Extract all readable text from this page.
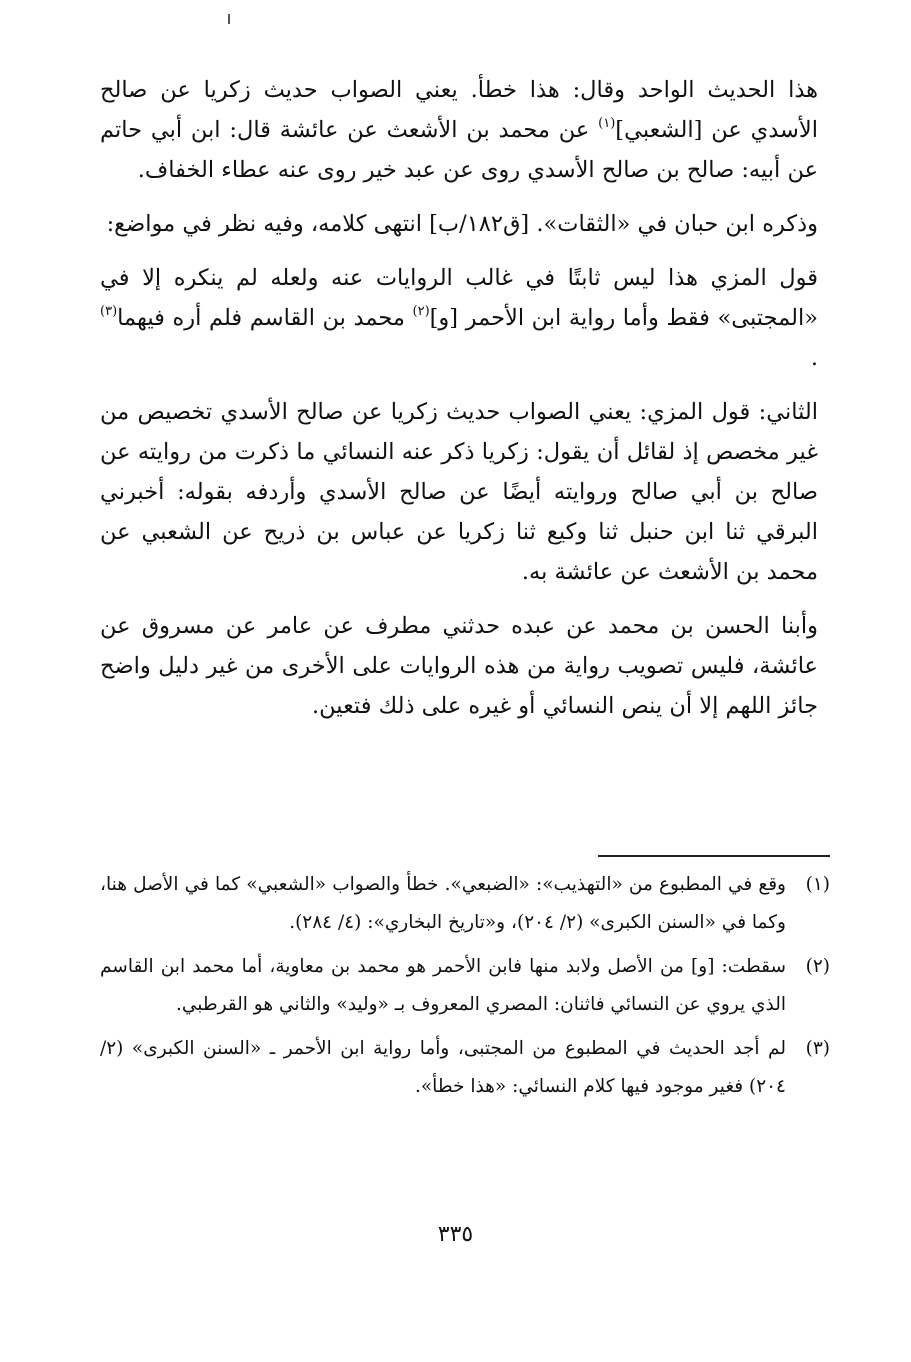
هذا الحديث الواحد وقال: هذا خطأ. يعني الصواب حديث زكريا عن صالح الأسدي عن [الشعبي]$^{(١)}$ عن محمد بن الأشعث عن عائشة قال: ابن أبي حاتم عن أبيه: صالح بن صالح الأسدي روى عن عبد خير روى عنه عطاء الخفاف.

وذكره ابن حبان في «الثقات». [ق١٨٢/ب] انتهى كلامه، وفيه نظر في مواضع:

قول المزي هذا ليس ثابتًا في غالب الروايات عنه ولعله لم ينكره إلا في «المجتبى» فقط وأما رواية ابن الأحمر [و]$^{(٢)}$ محمد بن القاسم فلم أره فيهما$^{(٣)}$ .

الثاني: قول المزي: يعني الصواب حديث زكريا عن صالح الأسدي تخصيص من غير مخصص إذ لقائل أن يقول: زكريا ذكر عنه النسائي ما ذكرت من روايته عن صالح بن أبي صالح وروايته أيضًا عن صالح الأسدي وأردفه بقوله: أخبرني البرقي ثنا ابن حنبل ثنا وكيع ثنا زكريا عن عباس بن ذريح عن الشعبي عن محمد بن الأشعث عن عائشة به.

وأبنا الحسن بن محمد عن عبده حدثني مطرف عن عامر عن مسروق عن عائشة، فليس تصويب رواية من هذه الروايات على الأخرى من غير دليل واضح جائز اللهم إلا أن ينص النسائي أو غيره على ذلك فتعين.

(١)
وقع في المطبوع من «التهذيب»: «الضبعي». خطأ والصواب «الشعبي» كما في الأصل هنا، وكما في «السنن الكبرى» (٢/ ٢٠٤)، و«تاريخ البخاري»: (٤/ ٢٨٤).
(٢)
سقطت: [و] من الأصل ولابد منها فابن الأحمر هو محمد بن معاوية، أما محمد ابن القاسم الذي يروي عن النسائي فاثنان: المصري المعروف بـ «وليد» والثاني هو القرطبي.
(٣)
لم أجد الحديث في المطبوع من المجتبى، وأما رواية ابن الأحمر ـ «السنن الكبرى» (٢/ ٢٠٤) فغير موجود فيها كلام النسائي: «هذا خطأ».
٣٣٥
